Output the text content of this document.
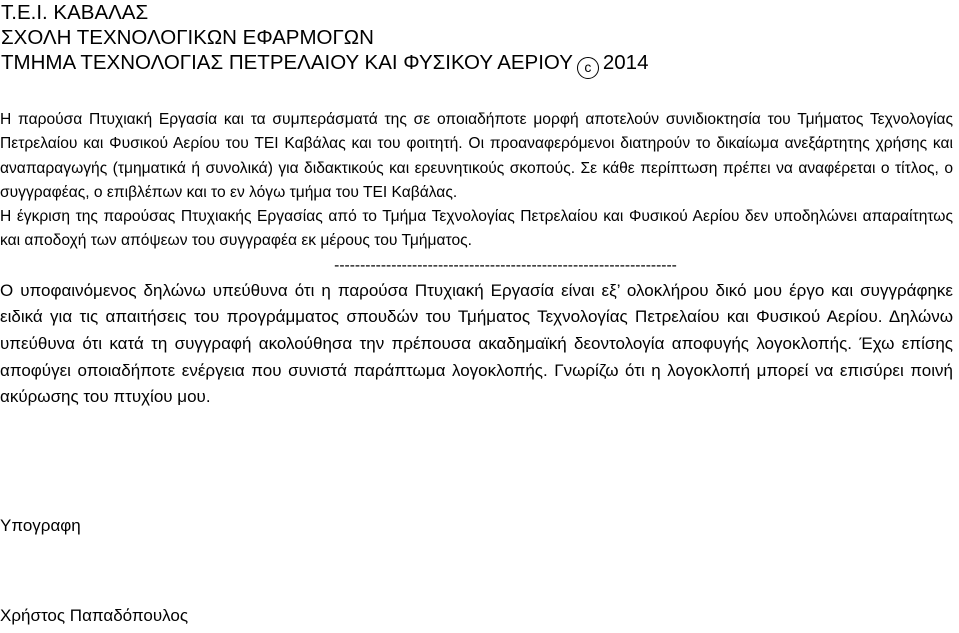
Τ.Ε.Ι. ΚΑΒΑΛΑΣ

ΣΧΟΛΗ ΤΕΧΝΟΛΟΓΙΚΩΝ ΕΦΑΡΜΟΓΩΝ

ΤΜΗΜΑ ΤΕΧΝΟΛΟΓΙΑΣ ΠΕΤΡΕΛΑΙΟΥ ΚΑΙ ΦΥΣΙΚΟΥ ΑΕΡΙΟΥ c 2014

Η παρούσα Πτυχιακή Εργασία και τα συμπεράσματά της σε οποιαδήποτε μορφή αποτελούν συνιδιοκτησία του Τμήματος Τεχνολογίας Πετρελαίου και Φυσικού Αερίου του ΤΕΙ Καβάλας και του φοιτητή. Οι προαναφερόμενοι διατηρούν το δικαίωμα ανεξάρτητης χρήσης και αναπαραγωγής (τμηματικά ή συνολικά) για διδακτικούς και ερευνητικούς σκοπούς. Σε κάθε περίπτωση πρέπει να αναφέρεται ο τίτλος, ο συγγραφέας, ο επιβλέπων και το εν λόγω τμήμα του ΤΕΙ Καβάλας.

Η έγκριση της παρούσας Πτυχιακής Εργασίας από το Τμήμα Τεχνολογίας Πετρελαίου και Φυσικού Αερίου δεν υποδηλώνει απαραίτητως και αποδοχή των απόψεων του συγγραφέα εκ μέρους του Τμήματος.

------------------------------------------------------------------

Ο υποφαινόμενος δηλώνω υπεύθυνα ότι η παρούσα Πτυχιακή Εργασία είναι εξ’ ολοκλήρου δικό μου έργο και συγγράφηκε ειδικά για τις απαιτήσεις του προγράμματος σπουδών του Τμήματος Τεχνολογίας Πετρελαίου και Φυσικού Αερίου. Δηλώνω υπεύθυνα ότι κατά τη συγγραφή ακολούθησα την πρέπουσα ακαδημαϊκή δεοντολογία αποφυγής λογοκλοπής. Έχω επίσης αποφύγει οποιαδήποτε ενέργεια που συνιστά παράπτωμα λογοκλοπής. Γνωρίζω ότι η λογοκλοπή μπορεί να επισύρει ποινή ακύρωσης του πτυχίου μου.

Υπογραφη
Χρήστος Παπαδόπουλος
